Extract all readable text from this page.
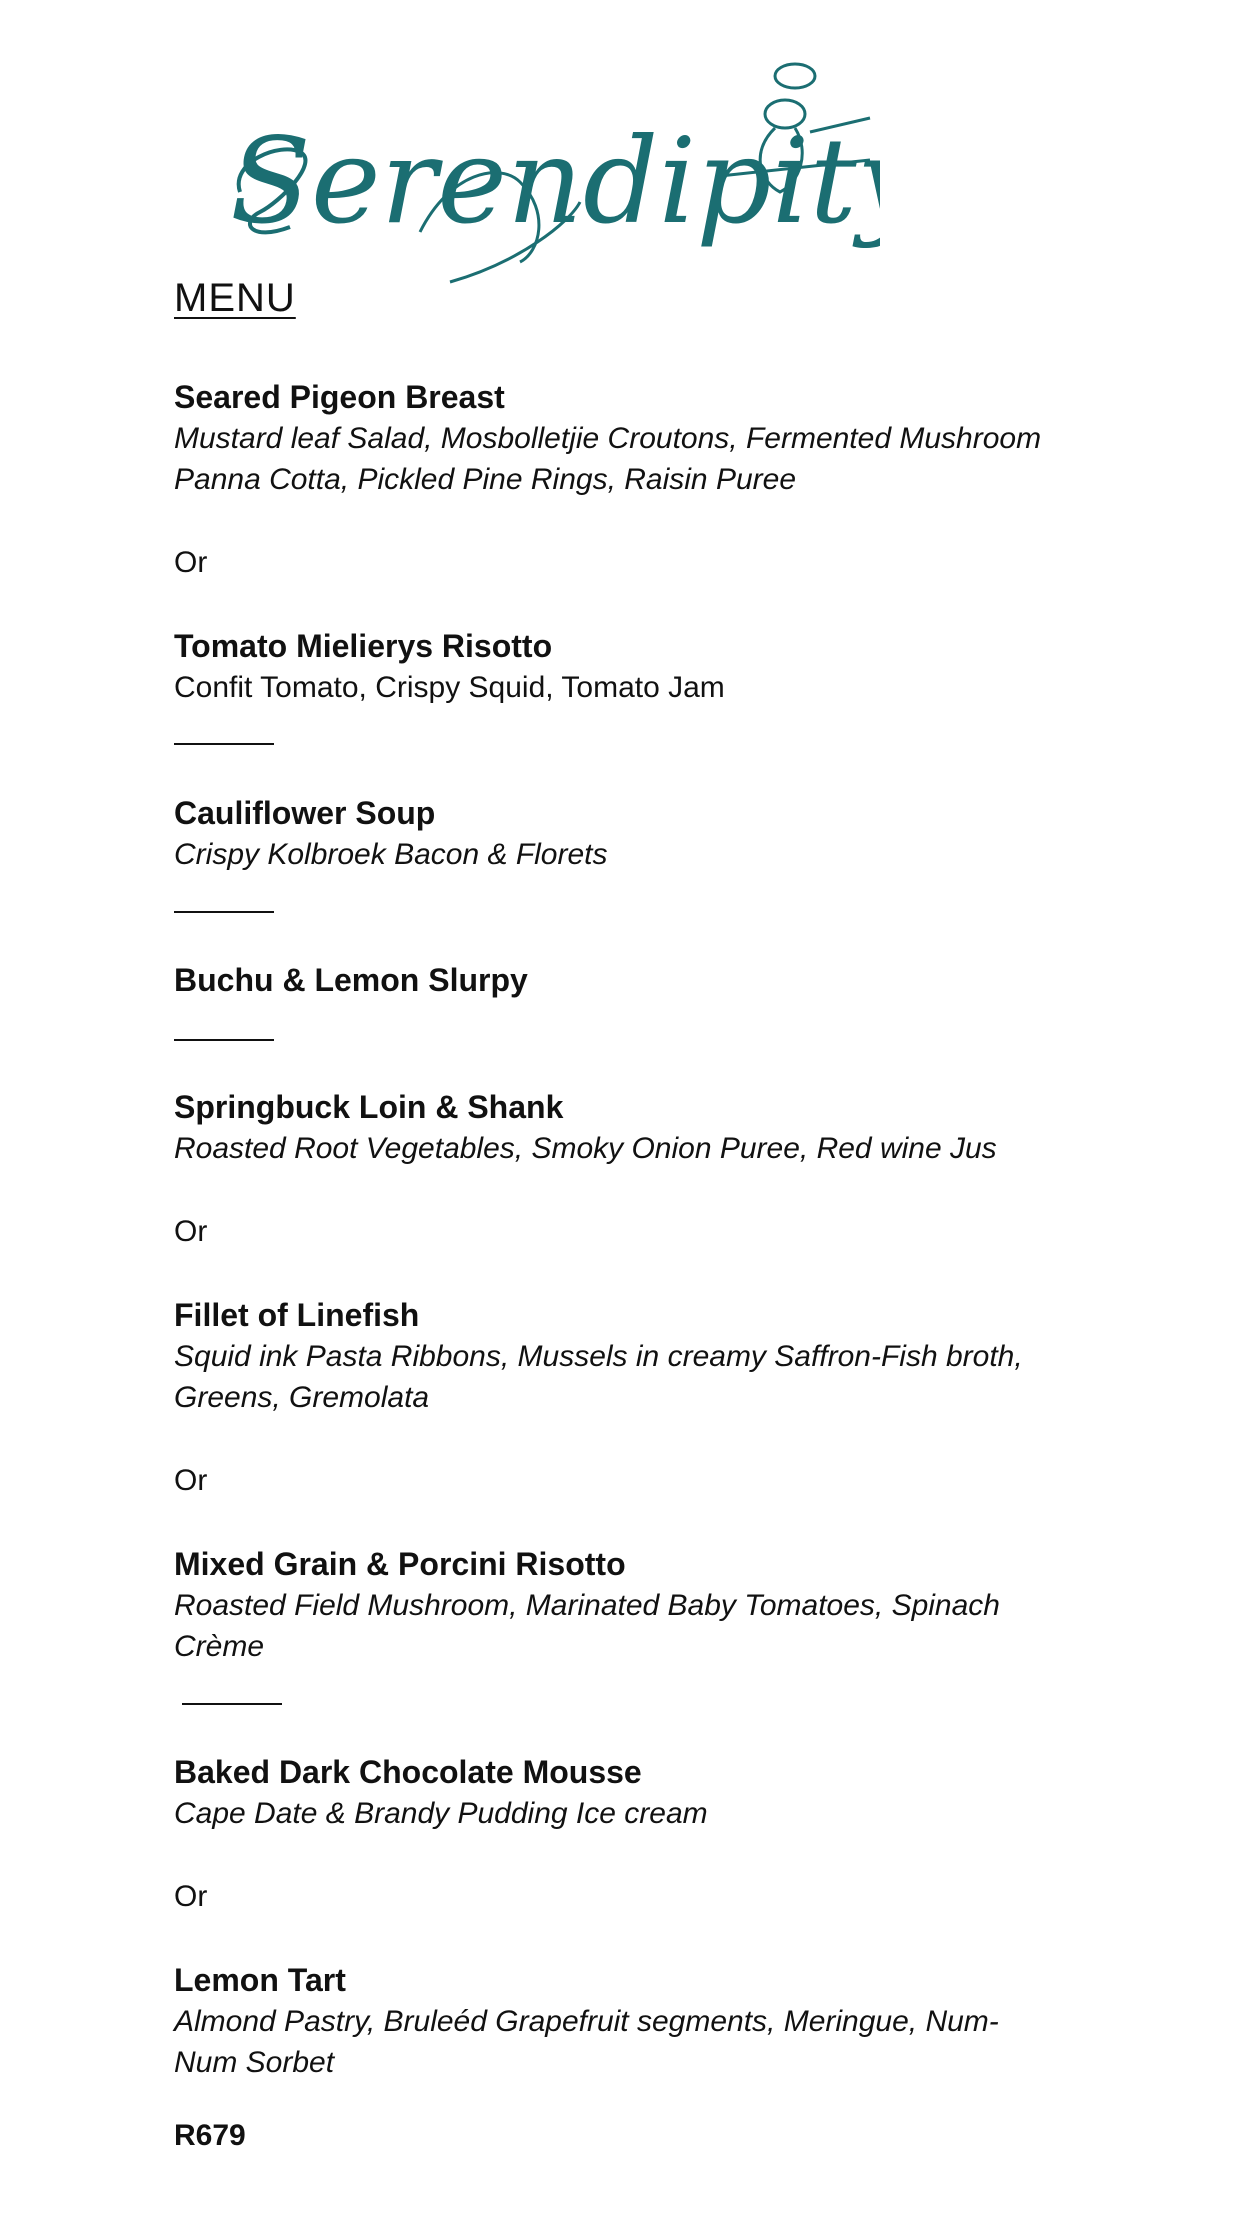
Serendipity
MENU
Seared Pigeon Breast
Mustard leaf Salad, Mosbolletjie Croutons, Fermented Mushroom
Panna Cotta, Pickled Pine Rings, Raisin Puree
Or
Tomato Mielierys Risotto
Confit Tomato, Crispy Squid, Tomato Jam
Cauliflower Soup
Crispy Kolbroek Bacon & Florets
Buchu & Lemon Slurpy
Springbuck Loin & Shank
Roasted Root Vegetables, Smoky Onion Puree, Red wine Jus
Or
Fillet of Linefish
Squid ink Pasta Ribbons, Mussels in creamy Saffron-Fish broth,
Greens, Gremolata
Or
Mixed Grain & Porcini Risotto
Roasted Field Mushroom, Marinated Baby Tomatoes, Spinach
Crème
Baked Dark Chocolate Mousse
Cape Date & Brandy Pudding Ice cream
Or
Lemon Tart
Almond Pastry, Bruleéd Grapefruit segments, Meringue, Num-
Num Sorbet
R679
